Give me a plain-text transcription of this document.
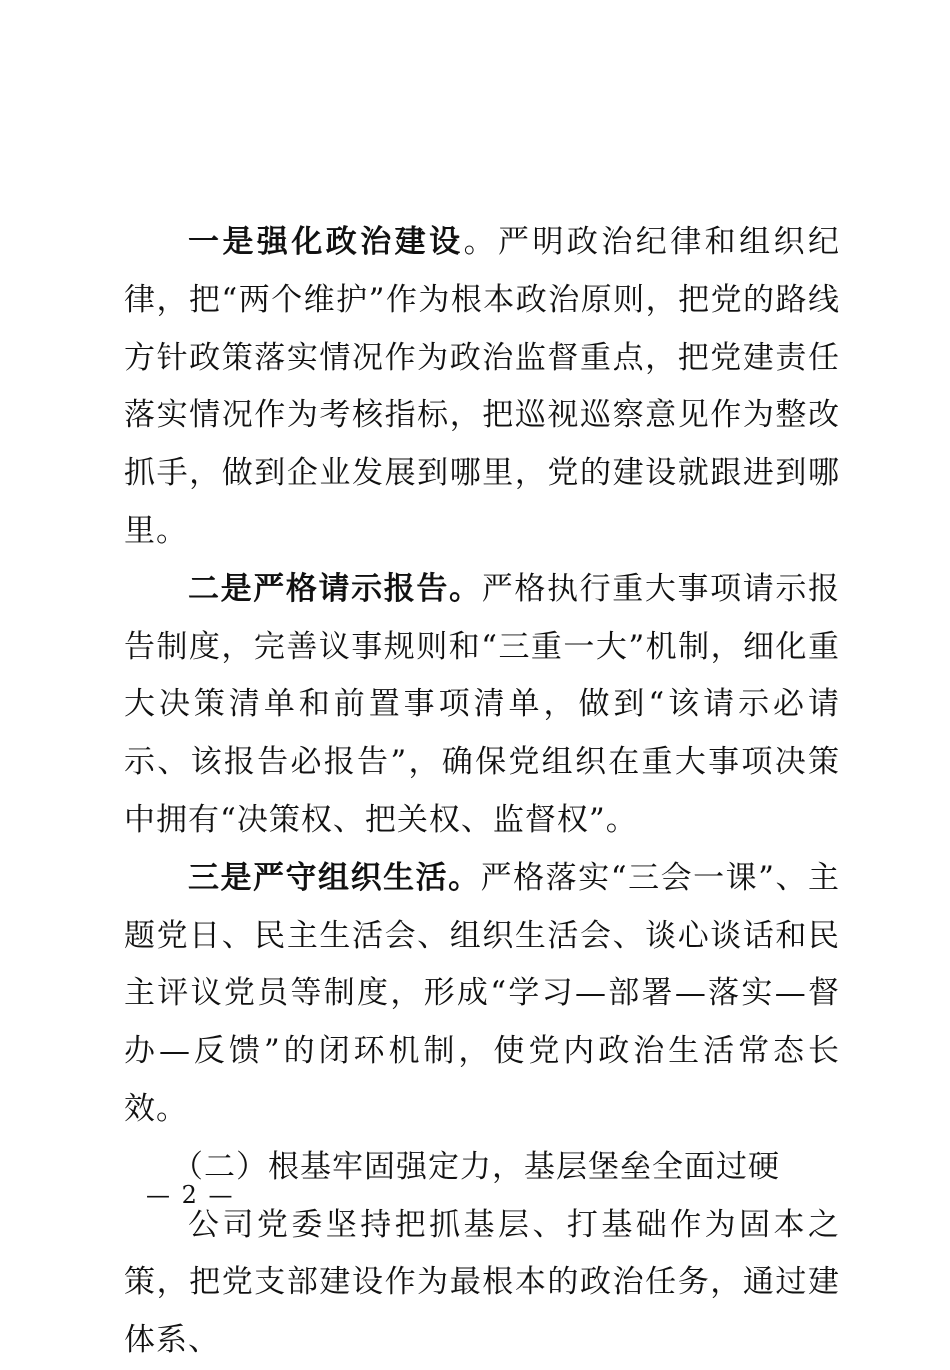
一是强化政治建设。严明政治纪律和组织纪律，把“两个维护”作为根本政治原则，把党的路线方针政策落实情况作为政治监督重点，把党建责任落实情况作为考核指标，把巡视巡察意见作为整改抓手，做到企业发展到哪里，党的建设就跟进到哪里。

二是严格请示报告。严格执行重大事项请示报告制度，完善议事规则和“三重一大”机制，细化重大决策清单和前置事项清单，做到“该请示必请示、该报告必报告”，确保党组织在重大事项决策中拥有“决策权、把关权、监督权”。

三是严守组织生活。严格落实“三会一课”、主题党日、民主生活会、组织生活会、谈心谈话和民主评议党员等制度，形成“学习—部署—落实—督办—反馈”的闭环机制，使党内政治生活常态长效。

（二）根基牢固强定力，基层堡垒全面过硬

公司党委坚持把抓基层、打基础作为固本之策，把党支部建设作为最根本的政治任务，通过建体系、

— 2 —
